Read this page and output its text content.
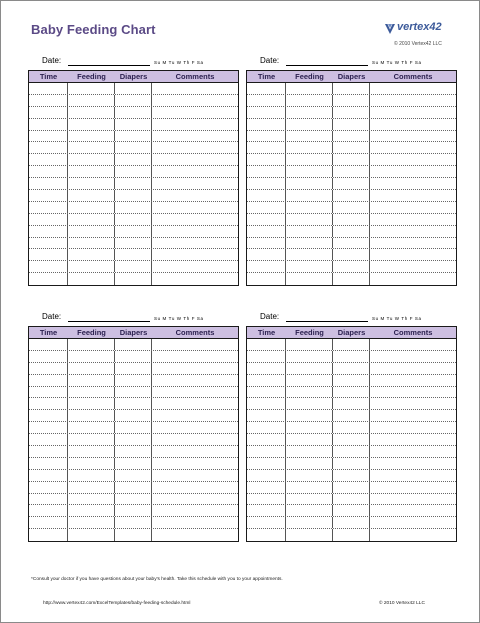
Baby Feeding Chart	vertex42
© 2010 Vertex42 LLC
Date:	Su M Tu W Th F Sa
Time	Feeding	Diapers	Comments
Date:	Su M Tu W Th F Sa
Time	Feeding	Diapers	Comments
Date:	Su M Tu W Th F Sa
Time	Feeding	Diapers	Comments
Date:	Su M Tu W Th F Sa
Time	Feeding	Diapers	Comments
*Consult your doctor if you have questions about your baby's health. Take this schedule with you to your appointments.
http://www.vertex42.com/ExcelTemplates/baby-feeding-schedule.html	© 2010 Vertex42 LLC
